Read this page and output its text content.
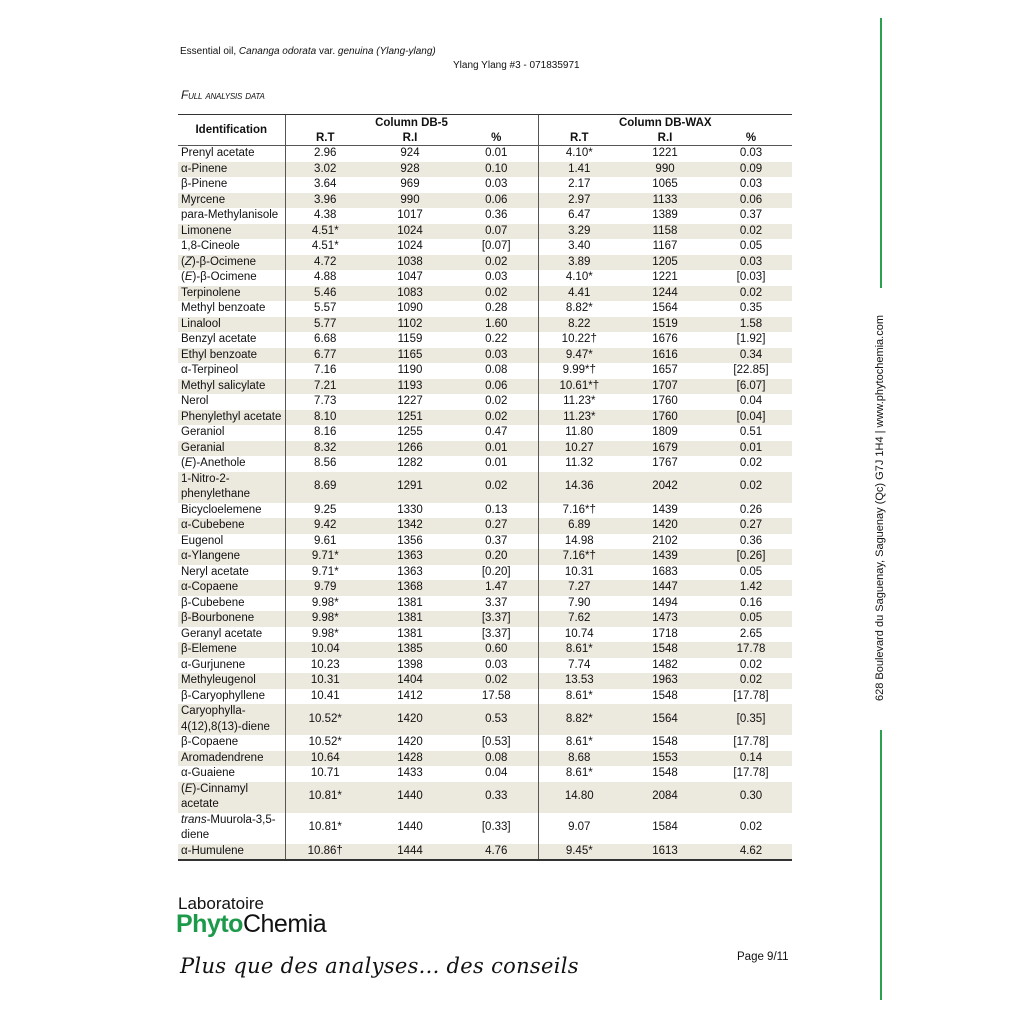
Essential oil, Cananga odorata var. genuina (Ylang-ylang)
Ylang Ylang #3 - 071835971
Full analysis data
Identification	Column DB-5			Column DB-WAX		
	R.T	R.I	%	R.T	R.I	%
Prenyl acetate	2.96	924	0.01	4.10*	1221	0.03
α-Pinene	3.02	928	0.10	1.41	990	0.09
β-Pinene	3.64	969	0.03	2.17	1065	0.03
Myrcene	3.96	990	0.06	2.97	1133	0.06
para-Methylanisole	4.38	1017	0.36	6.47	1389	0.37
Limonene	4.51*	1024	0.07	3.29	1158	0.02
1,8-Cineole	4.51*	1024	[0.07]	3.40	1167	0.05
(Z)-β-Ocimene	4.72	1038	0.02	3.89	1205	0.03
(E)-β-Ocimene	4.88	1047	0.03	4.10*	1221	[0.03]
Terpinolene	5.46	1083	0.02	4.41	1244	0.02
Methyl benzoate	5.57	1090	0.28	8.82*	1564	0.35
Linalool	5.77	1102	1.60	8.22	1519	1.58
Benzyl acetate	6.68	1159	0.22	10.22†	1676	[1.92]
Ethyl benzoate	6.77	1165	0.03	9.47*	1616	0.34
α-Terpineol	7.16	1190	0.08	9.99*†	1657	[22.85]
Methyl salicylate	7.21	1193	0.06	10.61*†	1707	[6.07]
Nerol	7.73	1227	0.02	11.23*	1760	0.04
Phenylethyl acetate	8.10	1251	0.02	11.23*	1760	[0.04]
Geraniol	8.16	1255	0.47	11.80	1809	0.51
Geranial	8.32	1266	0.01	10.27	1679	0.01
(E)-Anethole	8.56	1282	0.01	11.32	1767	0.02
1-Nitro-2-phenylethane	8.69	1291	0.02	14.36	2042	0.02
Bicycloelemene	9.25	1330	0.13	7.16*†	1439	0.26
α-Cubebene	9.42	1342	0.27	6.89	1420	0.27
Eugenol	9.61	1356	0.37	14.98	2102	0.36
α-Ylangene	9.71*	1363	0.20	7.16*†	1439	[0.26]
Neryl acetate	9.71*	1363	[0.20]	10.31	1683	0.05
α-Copaene	9.79	1368	1.47	7.27	1447	1.42
β-Cubebene	9.98*	1381	3.37	7.90	1494	0.16
β-Bourbonene	9.98*	1381	[3.37]	7.62	1473	0.05
Geranyl acetate	9.98*	1381	[3.37]	10.74	1718	2.65
β-Elemene	10.04	1385	0.60	8.61*	1548	17.78
α-Gurjunene	10.23	1398	0.03	7.74	1482	0.02
Methyleugenol	10.31	1404	0.02	13.53	1963	0.02
β-Caryophyllene	10.41	1412	17.58	8.61*	1548	[17.78]
Caryophylla-4(12),8(13)-diene	10.52*	1420	0.53	8.82*	1564	[0.35]
β-Copaene	10.52*	1420	[0.53]	8.61*	1548	[17.78]
Aromadendrene	10.64	1428	0.08	8.68	1553	0.14
α-Guaiene	10.71	1433	0.04	8.61*	1548	[17.78]
(E)-Cinnamyl acetate	10.81*	1440	0.33	14.80	2084	0.30
trans-Muurola-3,5-diene	10.81*	1440	[0.33]	9.07	1584	0.02
α-Humulene	10.86†	1444	4.76	9.45*	1613	4.62
Laboratoire
PhytoChemia
Plus que des analyses... des conseils	Page 9/11
628 Boulevard du Saguenay, Saguenay (Qc) G7J 1H4 | www.phytochemia.com
